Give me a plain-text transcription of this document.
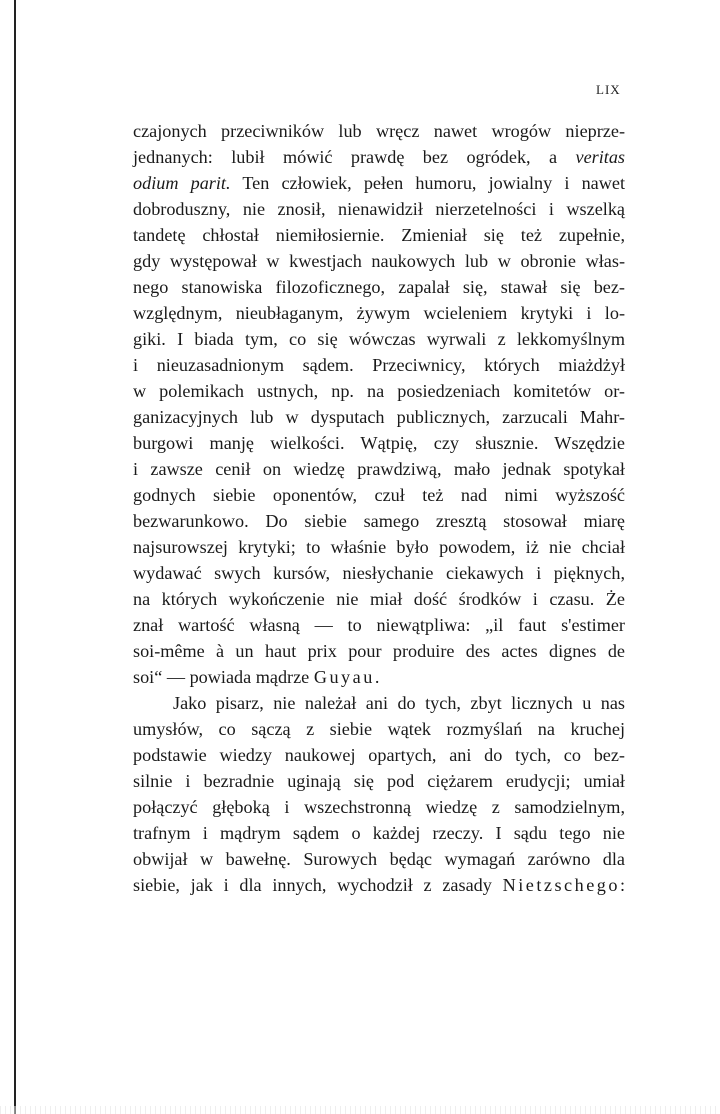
LIX
czajonych przeciwników lub wręcz nawet wrogów nieprze-
jednanych: lubił mówić prawdę bez ogródek, a veritas
odium parit. Ten człowiek, pełen humoru, jowialny i nawet
dobroduszny, nie znosił, nienawidził nierzetelności i wszelką
tandetę chłostał niemiłosiernie. Zmieniał się też zupełnie,
gdy występował w kwestjach naukowych lub w obronie włas-
nego stanowiska filozoficznego, zapalał się, stawał się bez-
względnym, nieubłaganym, żywym wcieleniem krytyki i lo-
giki. I biada tym, co się wówczas wyrwali z lekkomyślnym
i nieuzasadnionym sądem. Przeciwnicy, których miażdżył
w polemikach ustnych, np. na posiedzeniach komitetów or-
ganizacyjnych lub w dysputach publicznych, zarzucali Mahr-
burgowi manję wielkości. Wątpię, czy słusznie. Wszędzie
i zawsze cenił on wiedzę prawdziwą, mało jednak spotykał
godnych siebie oponentów, czuł też nad nimi wyższość
bezwarunkowo. Do siebie samego zresztą stosował miarę
najsurowszej krytyki; to właśnie było powodem, iż nie chciał
wydawać swych kursów, niesłychanie ciekawych i pięknych,
na których wykończenie nie miał dość środków i czasu. Że
znał wartość własną — to niewątpliwa: „il faut s'estimer
soi-même à un haut prix pour produire des actes dignes de
soi“ — powiada mądrze Guyau.
Jako pisarz, nie należał ani do tych, zbyt licznych u nas
umysłów, co sączą z siebie wątek rozmyślań na kruchej
podstawie wiedzy naukowej opartych, ani do tych, co bez-
silnie i bezradnie uginają się pod ciężarem erudycji; umiał
połączyć głęboką i wszechstronną wiedzę z samodzielnym,
trafnym i mądrym sądem o każdej rzeczy. I sądu tego nie
obwijał w bawełnę. Surowych będąc wymagań zarówno dla
siebie, jak i dla innych, wychodził z zasady Nietzschego:
